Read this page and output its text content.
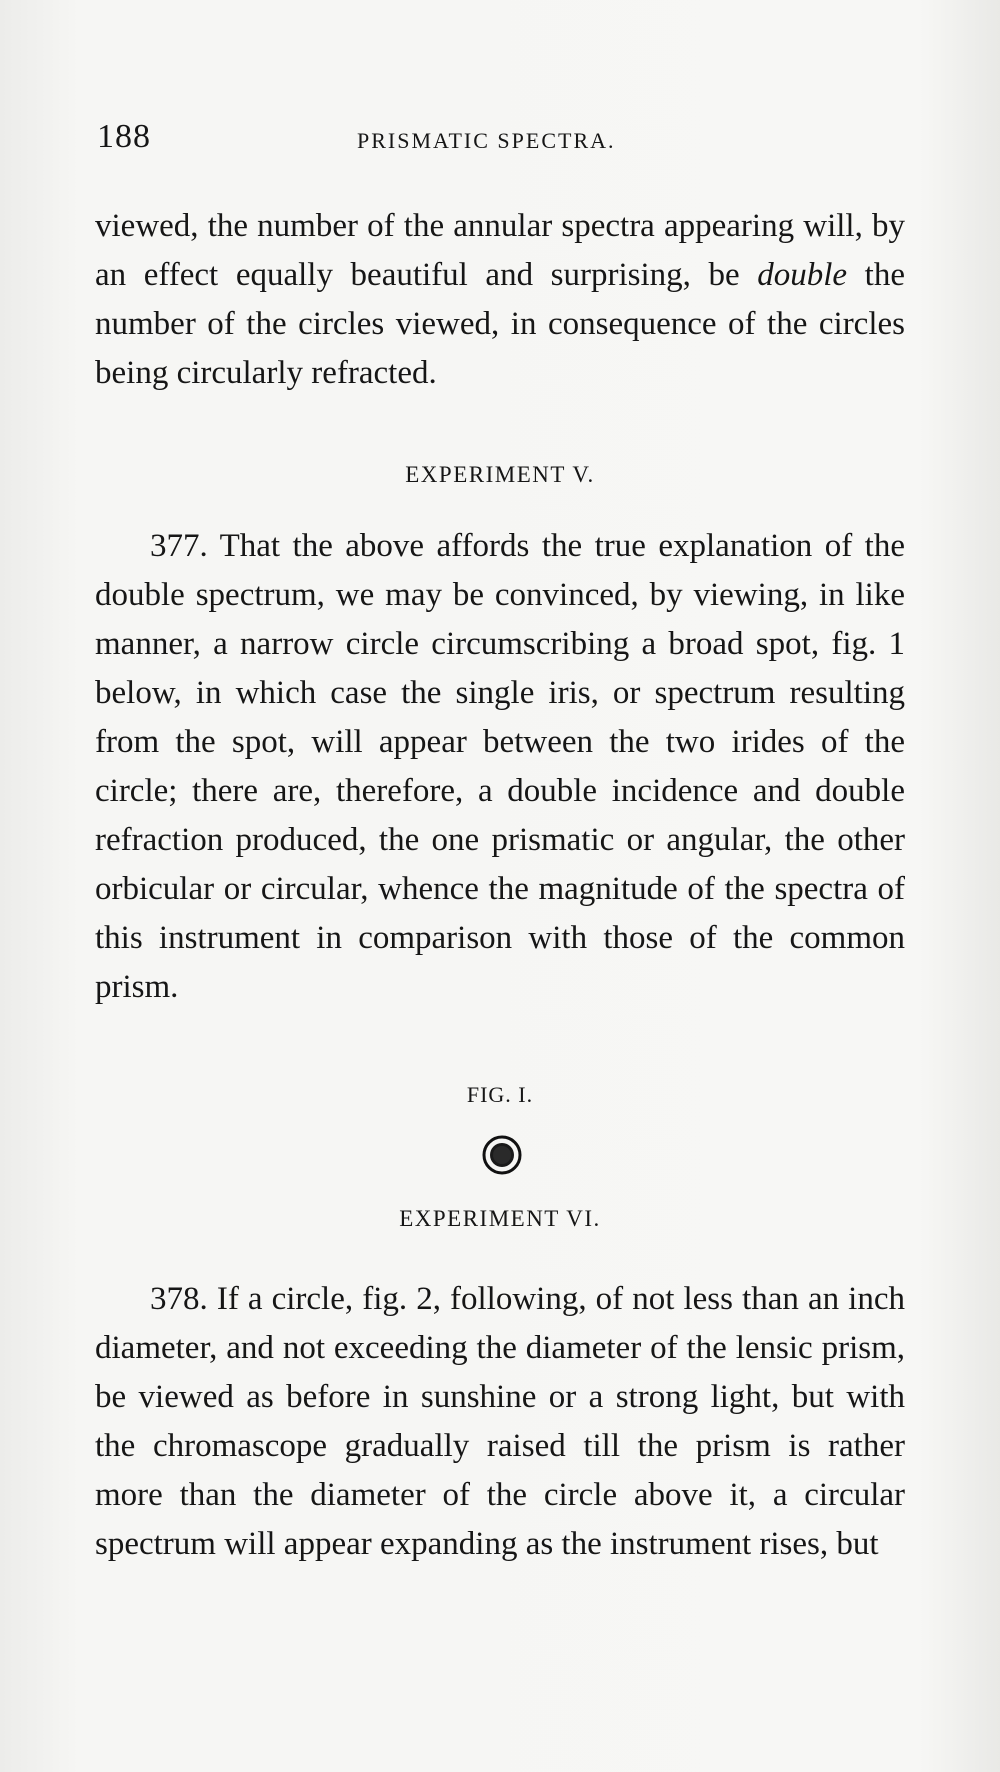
188	PRISMATIC SPECTRA.

viewed, the number of the annular spectra appearing will, by an effect equally beautiful and surprising, be double the number of the circles viewed, in consequence of the circles being circularly refracted.

EXPERIMENT V.

377. That the above affords the true explanation of the double spectrum, we may be convinced, by viewing, in like manner, a narrow circle circumscribing a broad spot, fig. 1 below, in which case the single iris, or spectrum resulting from the spot, will appear between the two irides of the circle; there are, therefore, a double incidence and double refraction produced, the one prismatic or angular, the other orbicular or circular, whence the magnitude of the spectra of this instrument in comparison with those of the common prism.

FIG. I.
EXPERIMENT VI.

378. If a circle, fig. 2, following, of not less than an inch diameter, and not exceeding the diameter of the lensic prism, be viewed as before in sunshine or a strong light, but with the chromascope gradually raised till the prism is rather more than the diameter of the circle above it, a circular spectrum will appear expanding as the instrument rises, but
